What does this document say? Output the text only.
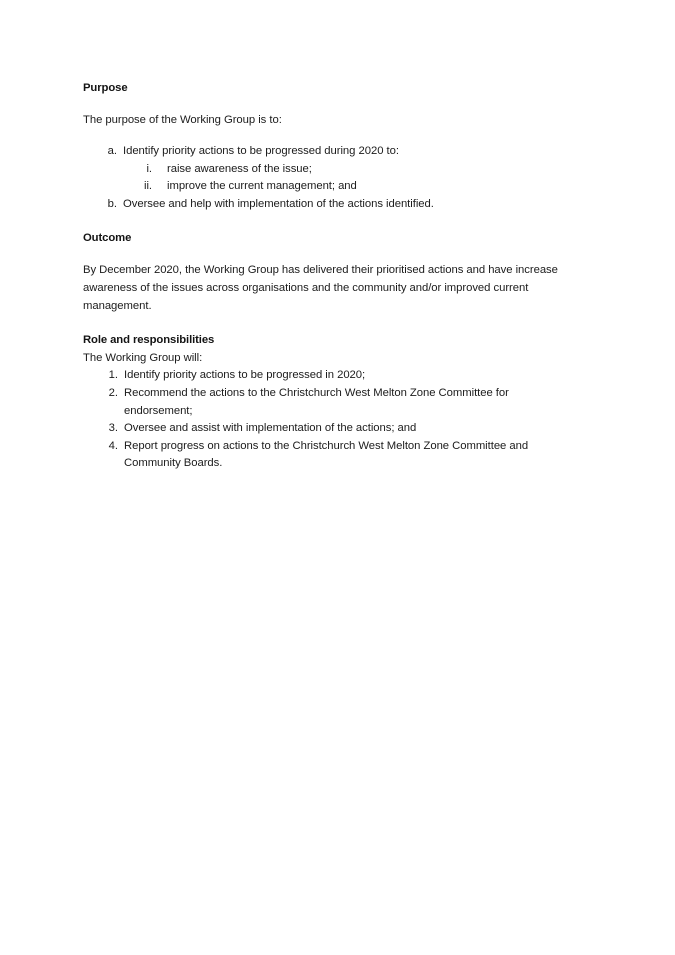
Purpose

The purpose of the Working Group is to:

a. Identify priority actions to be progressed during 2020 to:
i. raise awareness of the issue;
ii. improve the current management; and
b. Oversee and help with implementation of the actions identified.

Outcome

By December 2020, the Working Group has delivered their prioritised actions and have increase awareness of the issues across organisations and the community and/or improved current management.

Role and responsibilities

The Working Group will:

1. Identify priority actions to be progressed in 2020;
2. Recommend the actions to the Christchurch West Melton Zone Committee for endorsement;
3. Oversee and assist with implementation of the actions; and
4. Report progress on actions to the Christchurch West Melton Zone Committee and Community Boards.
